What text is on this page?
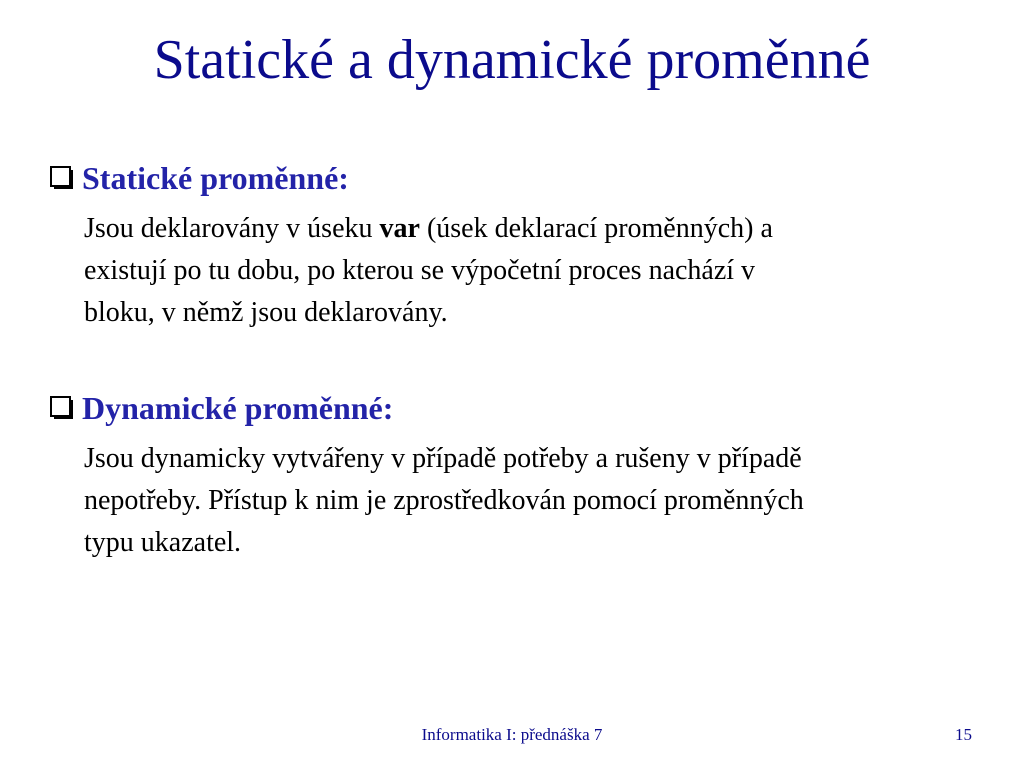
Statické a dynamické proměnné
Statické proměnné:

Jsou deklarovány v úseku var (úsek deklarací proměnných) a

existují po tu dobu, po kterou se výpočetní proces nachází v

bloku, v němž jsou deklarovány.

Dynamické proměnné:

Jsou dynamicky vytvářeny v případě potřeby a rušeny v případě

nepotřeby. Přístup k nim je zprostředkován pomocí proměnných

typu ukazatel.

Informatika I: přednáška 7	15
